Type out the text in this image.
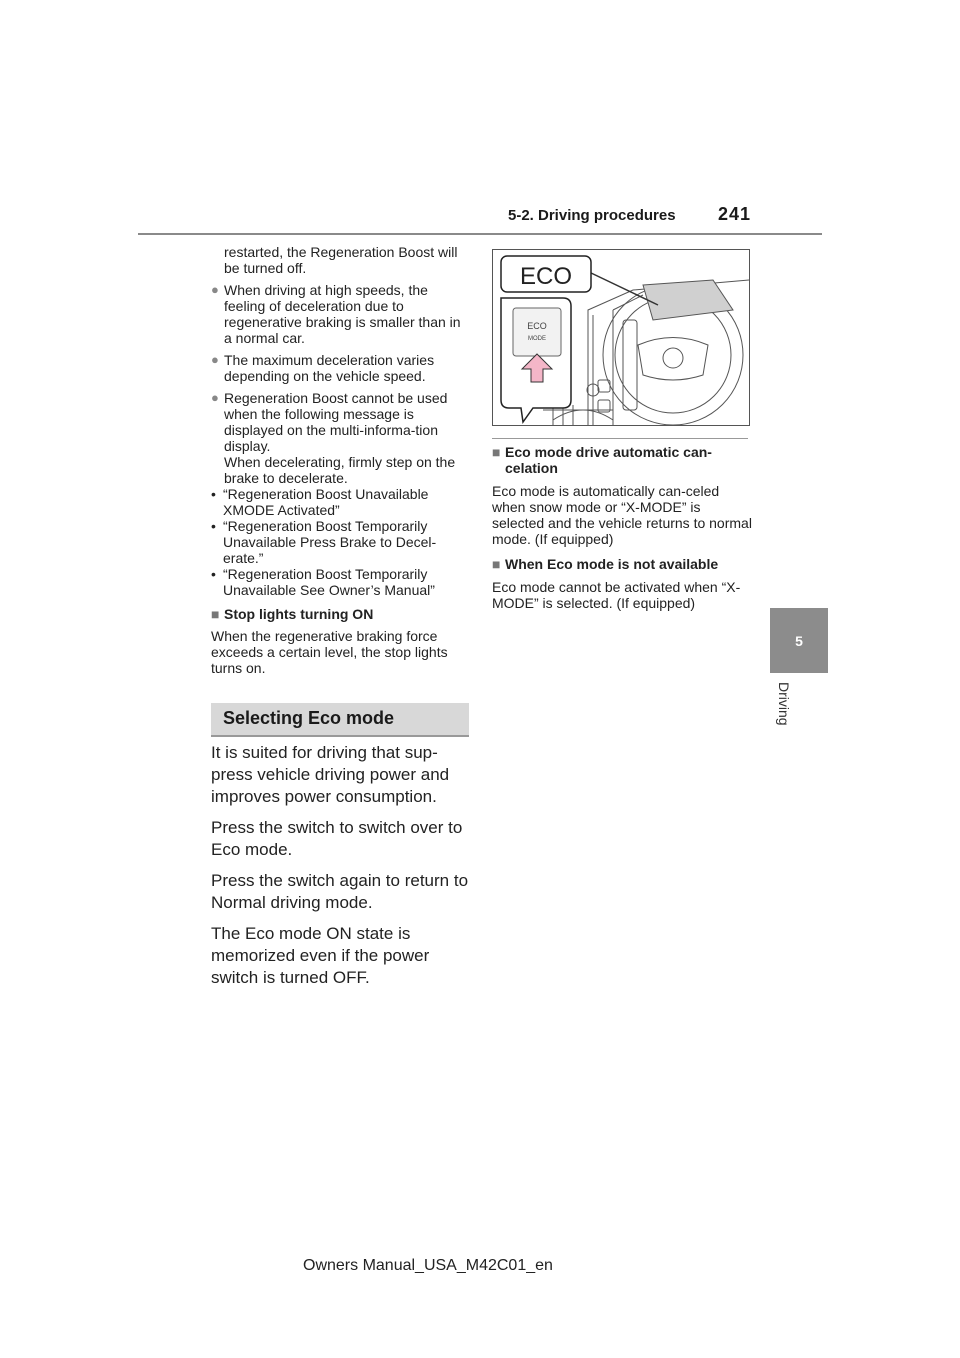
5-2. Driving procedures 241
5
Driving

restarted, the Regeneration Boost will be turned off.

● When driving at high speeds, the feeling of deceleration due to regenerative braking is smaller than in a normal car.

● The maximum deceleration varies depending on the vehicle speed.

● Regeneration Boost cannot be used when the following message is displayed on the multi-informa-tion display.

When decelerating, firmly step on the brake to decelerate.

• “Regeneration Boost Unavailable XMODE Activated”

• “Regeneration Boost Temporarily Unavailable Press Brake to Decel-erate.”

• “Regeneration Boost Temporarily Unavailable See Owner’s Manual”

■ Stop lights turning ON

When the regenerative braking force exceeds a certain level, the stop lights turns on.

Selecting Eco mode

It is suited for driving that sup-press vehicle driving power and improves power consumption.

Press the switch to switch over to Eco mode.

Press the switch again to return to Normal driving mode.

The Eco mode ON state is memorized even if the power switch is turned OFF.

ECO
ECO
MODE
■ Eco mode drive automatic can-celation

Eco mode is automatically can-celed when snow mode or “X-MODE” is selected and the vehicle returns to normal mode. (If equipped)

■ When Eco mode is not available

Eco mode cannot be activated when “X-MODE” is selected. (If equipped)

Owners Manual_USA_M42C01_en
